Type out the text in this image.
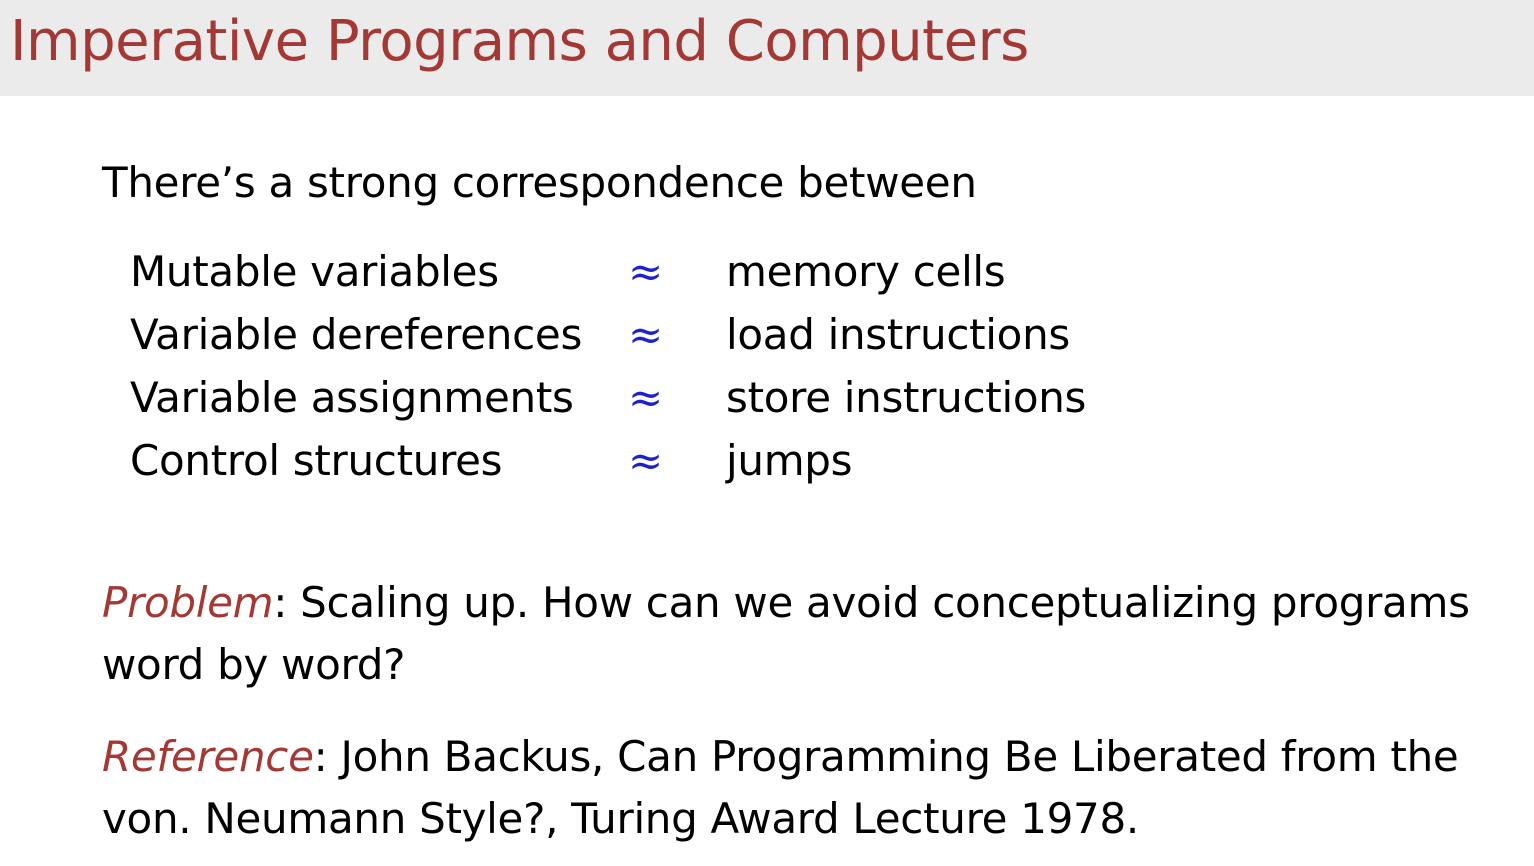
Imperative Programs and Computers
There’s a strong correspondence between
Mutable variables	≈ memory cells
Variable dereferences ≈ load instructions
Variable assignments ≈ store instructions
Control structures	≈ jumps
Problem: Scaling up. How can we avoid conceptualizing programs word by word?
Reference: John Backus, Can Programming Be Liberated from the von. Neumann Style?, Turing Award Lecture 1978.
